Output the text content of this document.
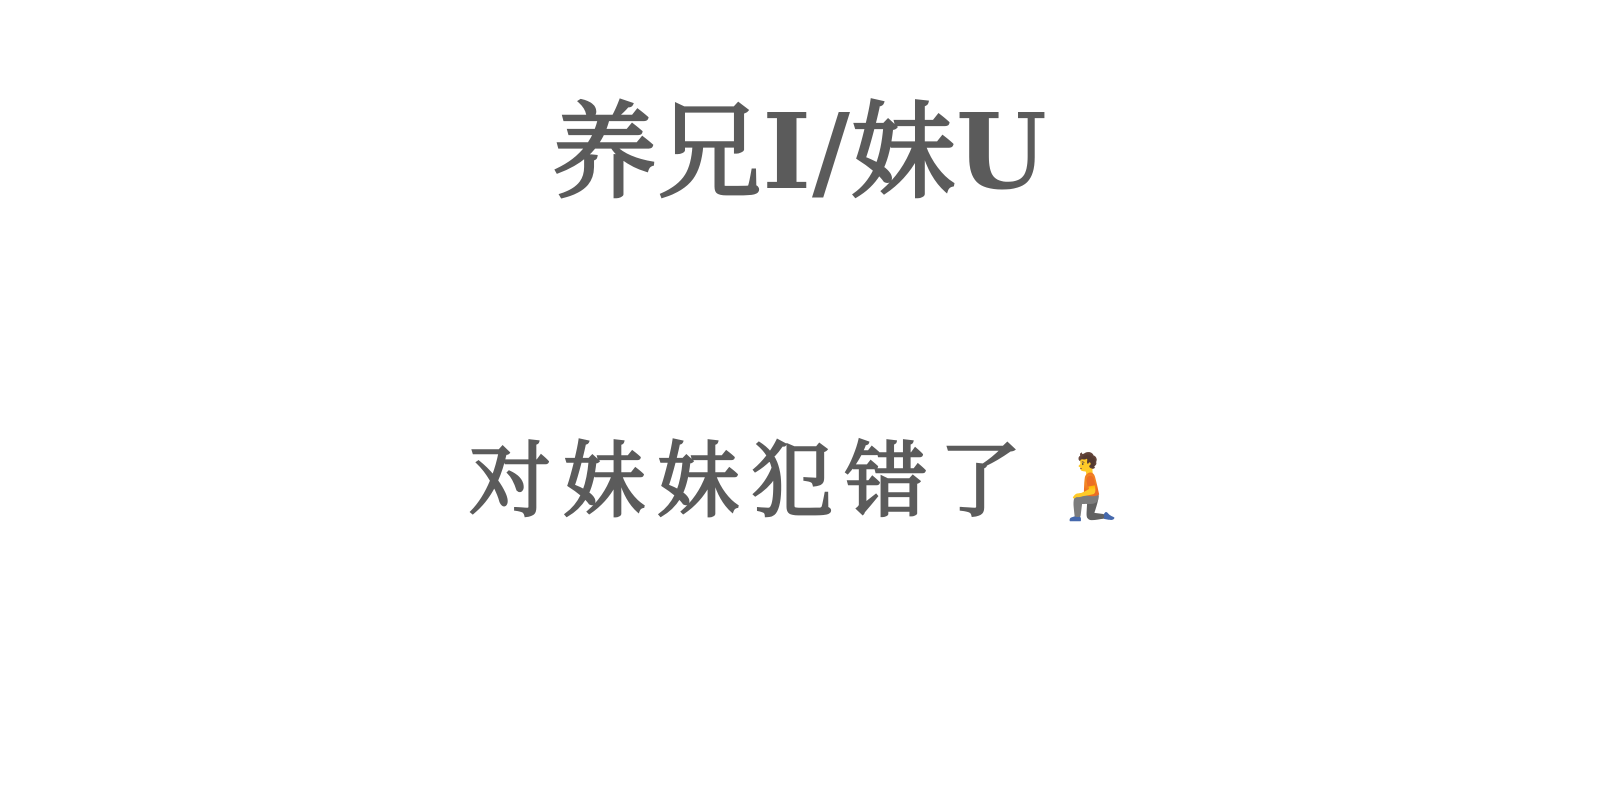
养兄I/妹U
对妹妹犯错了 🧎
